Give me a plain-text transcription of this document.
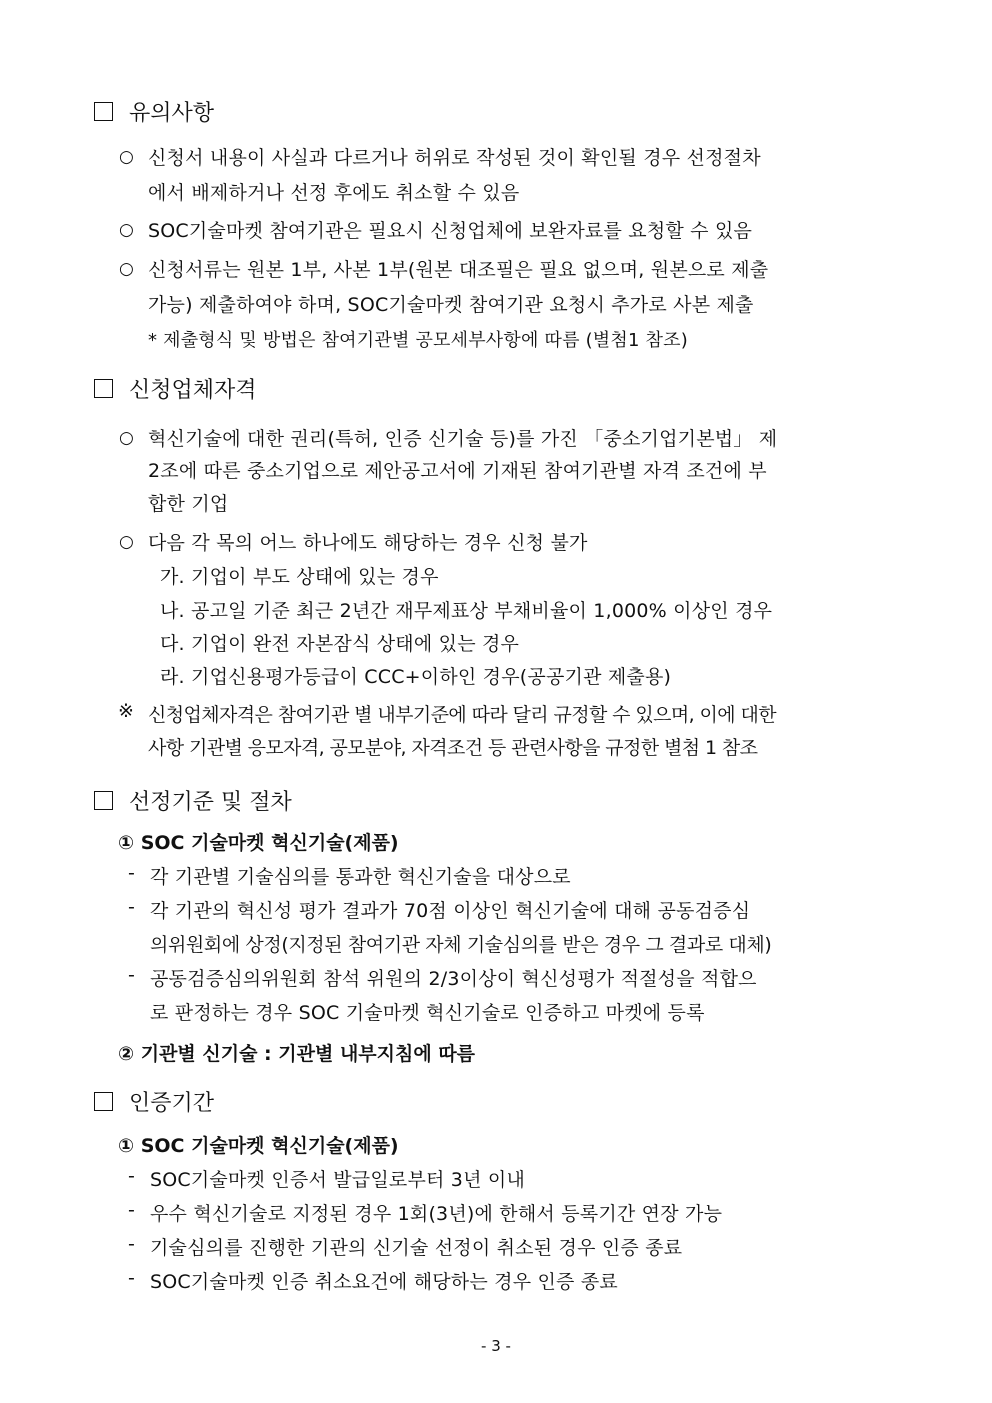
유의사항
○ 신청서 내용이 사실과 다르거나 허위로 작성된 것이 확인될 경우 선정절차
에서 배제하거나 선정 후에도 취소할 수 있음
○ SOC기술마켓 참여기관은 필요시 신청업체에 보완자료를 요청할 수 있음
○ 신청서류는 원본 1부, 사본 1부(원본 대조필은 필요 없으며, 원본으로 제출
가능) 제출하여야 하며, SOC기술마켓 참여기관 요청시 추가로 사본 제출
* 제출형식 및 방법은 참여기관별 공모세부사항에 따름 (별첨1 참조)
신청업체자격
○ 혁신기술에 대한 권리(특허, 인증 신기술 등)를 가진 「중소기업기본법」 제
2조에 따른 중소기업으로 제안공고서에 기재된 참여기관별 자격 조건에 부
합한 기업
○ 다음 각 목의 어느 하나에도 해당하는 경우 신청 불가
가. 기업이 부도 상태에 있는 경우
나. 공고일 기준 최근 2년간 재무제표상 부채비율이 1,000% 이상인 경우
다. 기업이 완전 자본잠식 상태에 있는 경우
라. 기업신용평가등급이 CCC+이하인 경우(공공기관 제출용)
※ 신청업체자격은 참여기관 별 내부기준에 따라 달리 규정할 수 있으며, 이에 대한
사항 기관별 응모자격, 공모분야, 자격조건 등 관련사항을 규정한 별첨 1 참조
선정기준 및 절차
① SOC 기술마켓 혁신기술(제품)
- 각 기관별 기술심의를 통과한 혁신기술을 대상으로
- 각 기관의 혁신성 평가 결과가 70점 이상인 혁신기술에 대해 공동검증심
의위원회에 상정(지정된 참여기관 자체 기술심의를 받은 경우 그 결과로 대체)
- 공동검증심의위원회 참석 위원의 2/3이상이 혁신성평가 적절성을 적합으
로 판정하는 경우 SOC 기술마켓 혁신기술로 인증하고 마켓에 등록
② 기관별 신기술 : 기관별 내부지침에 따름
인증기간
① SOC 기술마켓 혁신기술(제품)
- SOC기술마켓 인증서 발급일로부터 3년 이내
- 우수 혁신기술로 지정된 경우 1회(3년)에 한해서 등록기간 연장 가능
- 기술심의를 진행한 기관의 신기술 선정이 취소된 경우 인증 종료
- SOC기술마켓 인증 취소요건에 해당하는 경우 인증 종료
- 3 -
